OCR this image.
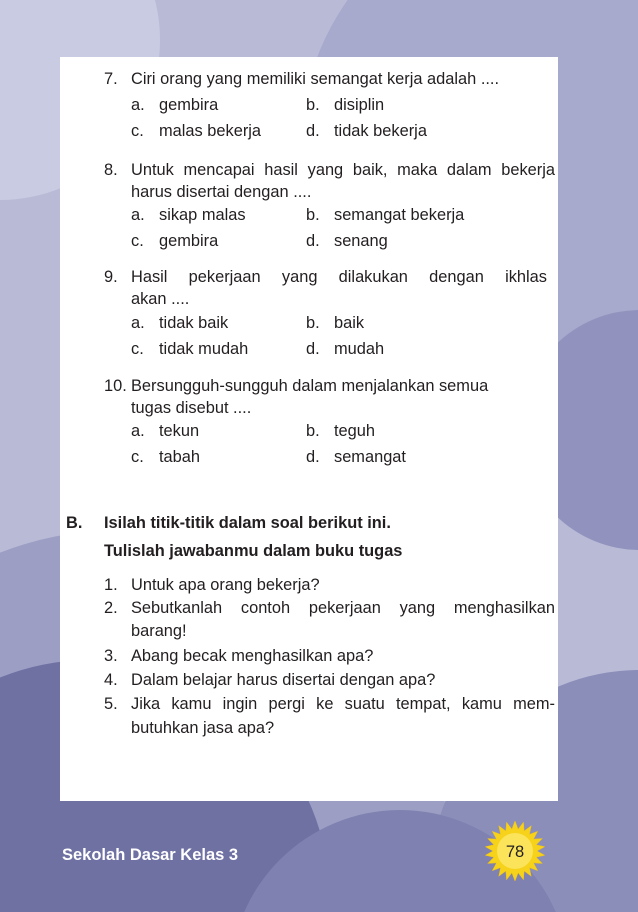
7. Ciri orang yang memiliki semangat kerja adalah ....
a. gembira	b. disiplin
c. malas bekerja	d. tidak bekerja
8. Untuk mencapai hasil yang baik, maka dalam bekerja
harus disertai dengan ....
a. sikap malas	b. semangat bekerja
c. gembira	d. senang
9. Hasil pekerjaan yang dilakukan dengan ikhlas
akan ....
a. tidak baik	b. baik
c. tidak mudah	d. mudah
10. Bersungguh-sungguh dalam menjalankan semua
tugas disebut ....
a. tekun	b. teguh
c. tabah	d. semangat
B. Isilah titik-titik dalam soal berikut ini.
Tulislah jawabanmu dalam buku tugas
1. Untuk apa orang bekerja?
2. Sebutkanlah contoh pekerjaan yang menghasilkan
barang!
3. Abang becak menghasilkan apa?
4. Dalam belajar harus disertai dengan apa?
5. Jika kamu ingin pergi ke suatu tempat, kamu mem-
butuhkan jasa apa?
Sekolah Dasar Kelas 3	78
